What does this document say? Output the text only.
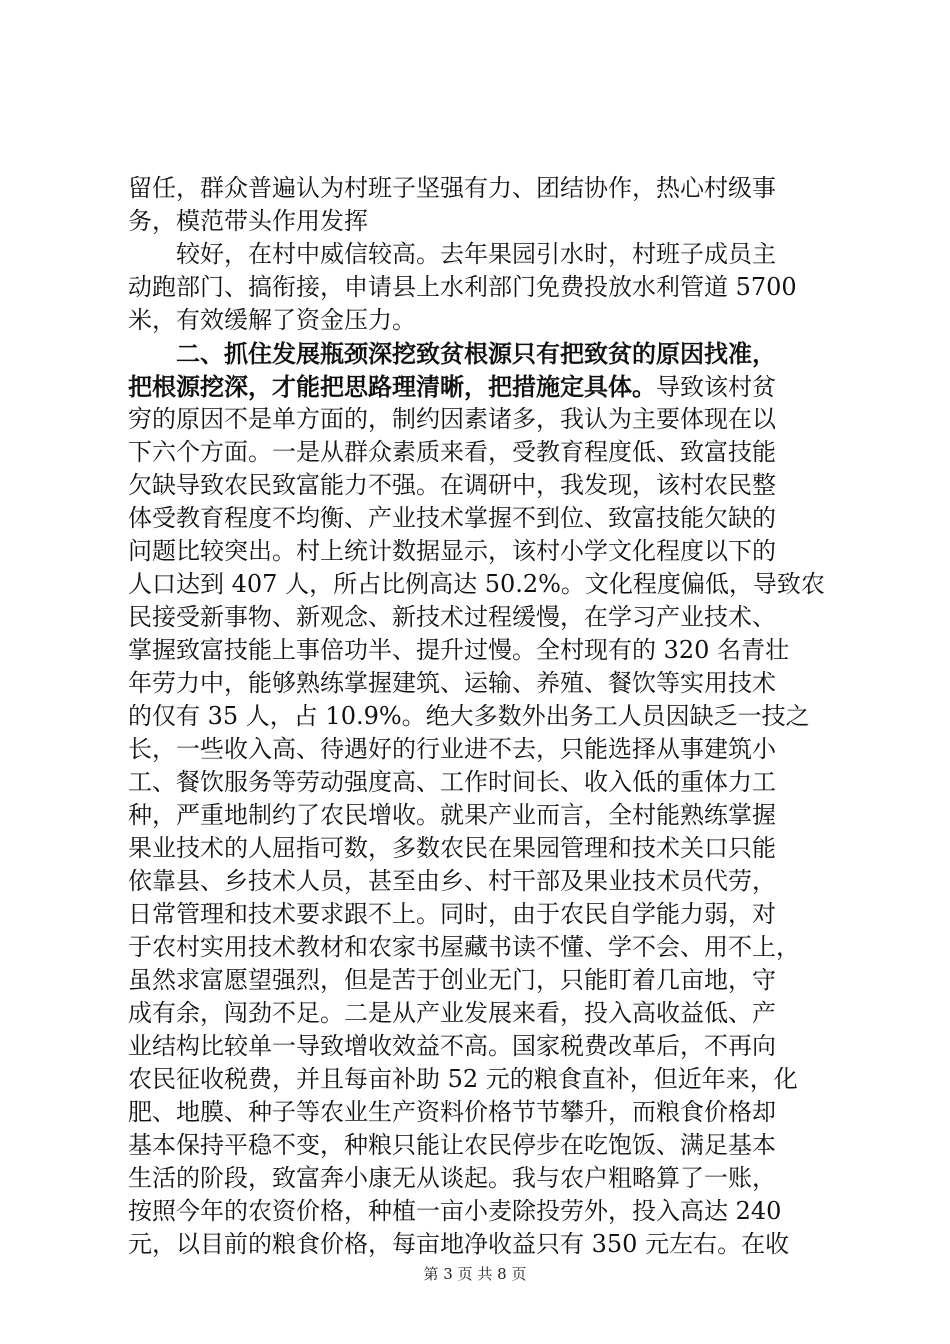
留任，群众普遍认为村班子坚强有力、团结协作，热心村级事
务，模范带头作用发挥
　　较好，在村中威信较高。去年果园引水时，村班子成员主
动跑部门、搞衔接，申请县上水利部门免费投放水利管道 5700
米，有效缓解了资金压力。
　　二、抓住发展瓶颈深挖致贫根源只有把致贫的原因找准，
把根源挖深，才能把思路理清晰，把措施定具体。导致该村贫
穷的原因不是单方面的，制约因素诸多，我认为主要体现在以
下六个方面。一是从群众素质来看，受教育程度低、致富技能
欠缺导致农民致富能力不强。在调研中，我发现，该村农民整
体受教育程度不均衡、产业技术掌握不到位、致富技能欠缺的
问题比较突出。村上统计数据显示，该村小学文化程度以下的
人口达到 407 人，所占比例高达 50.2%。文化程度偏低，导致农
民接受新事物、新观念、新技术过程缓慢，在学习产业技术、
掌握致富技能上事倍功半、提升过慢。全村现有的 320 名青壮
年劳力中，能够熟练掌握建筑、运输、养殖、餐饮等实用技术
的仅有 35 人，占 10.9%。绝大多数外出务工人员因缺乏一技之
长，一些收入高、待遇好的行业进不去，只能选择从事建筑小
工、餐饮服务等劳动强度高、工作时间长、收入低的重体力工
种，严重地制约了农民增收。就果产业而言，全村能熟练掌握
果业技术的人屈指可数，多数农民在果园管理和技术关口只能
依靠县、乡技术人员，甚至由乡、村干部及果业技术员代劳，
日常管理和技术要求跟不上。同时，由于农民自学能力弱，对
于农村实用技术教材和农家书屋藏书读不懂、学不会、用不上，
虽然求富愿望强烈，但是苦于创业无门，只能盯着几亩地，守
成有余，闯劲不足。二是从产业发展来看，投入高收益低、产
业结构比较单一导致增收效益不高。国家税费改革后，不再向
农民征收税费，并且每亩补助 52 元的粮食直补，但近年来，化
肥、地膜、种子等农业生产资料价格节节攀升，而粮食价格却
基本保持平稳不变，种粮只能让农民停步在吃饱饭、满足基本
生活的阶段，致富奔小康无从谈起。我与农户粗略算了一账，
按照今年的农资价格，种植一亩小麦除投劳外，投入高达 240
元，以目前的粮食价格，每亩地净收益只有 350 元左右。在收
第 3 页 共 8 页
